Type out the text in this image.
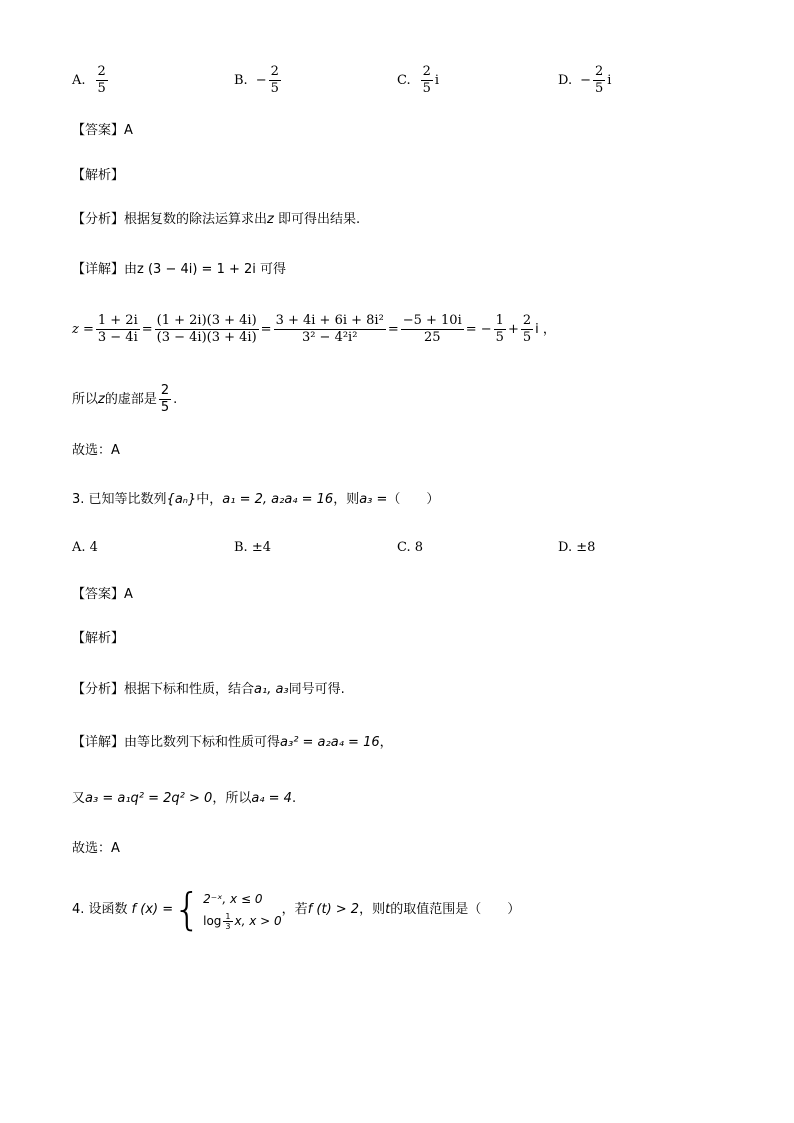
A. $\frac{2}{5}$	B. − $\frac{2}{5}$	C. $\frac{2}{5}$ i	D. − $\frac{2}{5}$ i
【答案】A
【解析】
【分析】根据复数的除法运算求出z 即可得出结果.
【详解】由z (3 − 4i) = 1 + 2i 可得
$z = \frac{1 + 2i}{3 - 4i} = \frac{(1 + 2i)(3 + 4i)}{(3 - 4i)(3 + 4i)} = \frac{\text{3 + 4i + 6i + 8i²}}{\text{3² − 4²i²}} = \frac{-5 + 10i}{25}$ = − $\frac{1}{5} + \frac{2}{5}$ i ，
所以 z 的虚部是 $\frac{2}{5}$ .
故选：A
3. 已知等比数列{aₙ}中，a₁ = 2, a₂a₄ = 16，则a₃ =（　　）
A. 4	B. ±4	C. 8	D. ±8
【答案】A
【解析】
【分析】根据下标和性质，结合a₁, a₃同号可得.
【详解】由等比数列下标和性质可得a₃² = a₂a₄ = 16，
又a₃ = a₁q² = 2q² > 0，所以a₄ = 4.
故选：A
4. 设函数 f (x) = { 2⁻ˣ, x ≤ 0
$\log \frac{1}{3} x$, x > 0
，若 f (t) > 2 ，则 t 的取值范围是（　　）
